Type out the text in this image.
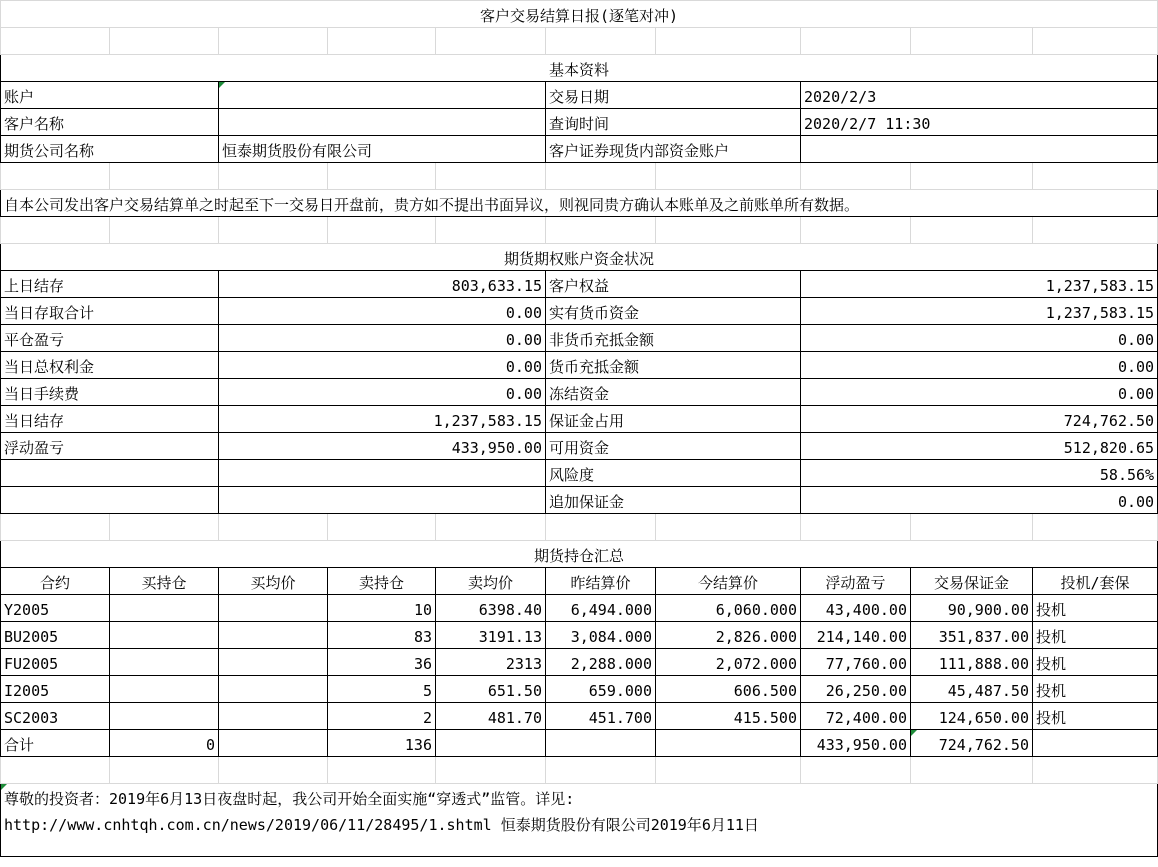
客户交易结算日报(逐笔对冲)									

基本资料									
账户					交易日期		2020/2/3		
客户名称					查询时间		2020/2/7 11:30		
期货公司名称		恒泰期货股份有限公司			客户证券现货内部资金账户				

自本公司发出客户交易结算单之时起至下一交易日开盘前，贵方如不提出书面异议，则视同贵方确认本账单及之前账单所有数据。									

期货期权账户资金状况									
上日结存		803,633.15			客户权益		1,237,583.15		
当日存取合计		0.00			实有货币资金		1,237,583.15		
平仓盈亏		0.00			非货币充抵金额		0.00		
当日总权利金		0.00			货币充抵金额		0.00		
当日手续费		0.00			冻结资金		0.00		
当日结存		1,237,583.15			保证金占用		724,762.50		
浮动盈亏		433,950.00			可用资金		512,820.65		
					风险度		58.56%		
					追加保证金		0.00		

期货持仓汇总									
合约	买持仓	买均价	卖持仓	卖均价	昨结算价	今结算价	浮动盈亏	交易保证金	投机/套保
Y2005			10	6398.40	6,494.000	6,060.000	43,400.00	90,900.00	投机
BU2005			83	3191.13	3,084.000	2,826.000	214,140.00	351,837.00	投机
FU2005			36	2313	2,288.000	2,072.000	77,760.00	111,888.00	投机
I2005			5	651.50	659.000	606.500	26,250.00	45,487.50	投机
SC2003			2	481.70	451.700	415.500	72,400.00	124,650.00	投机
合计	0		136				433,950.00	724,762.50	

尊敬的投资者：2019年6月13日夜盘时起，我公司开始全面实施“穿透式”监管。详见:
http://www.cnhtqh.com.cn/news/2019/06/11/28495/1.shtml 恒泰期货股份有限公司2019年6月11日									
